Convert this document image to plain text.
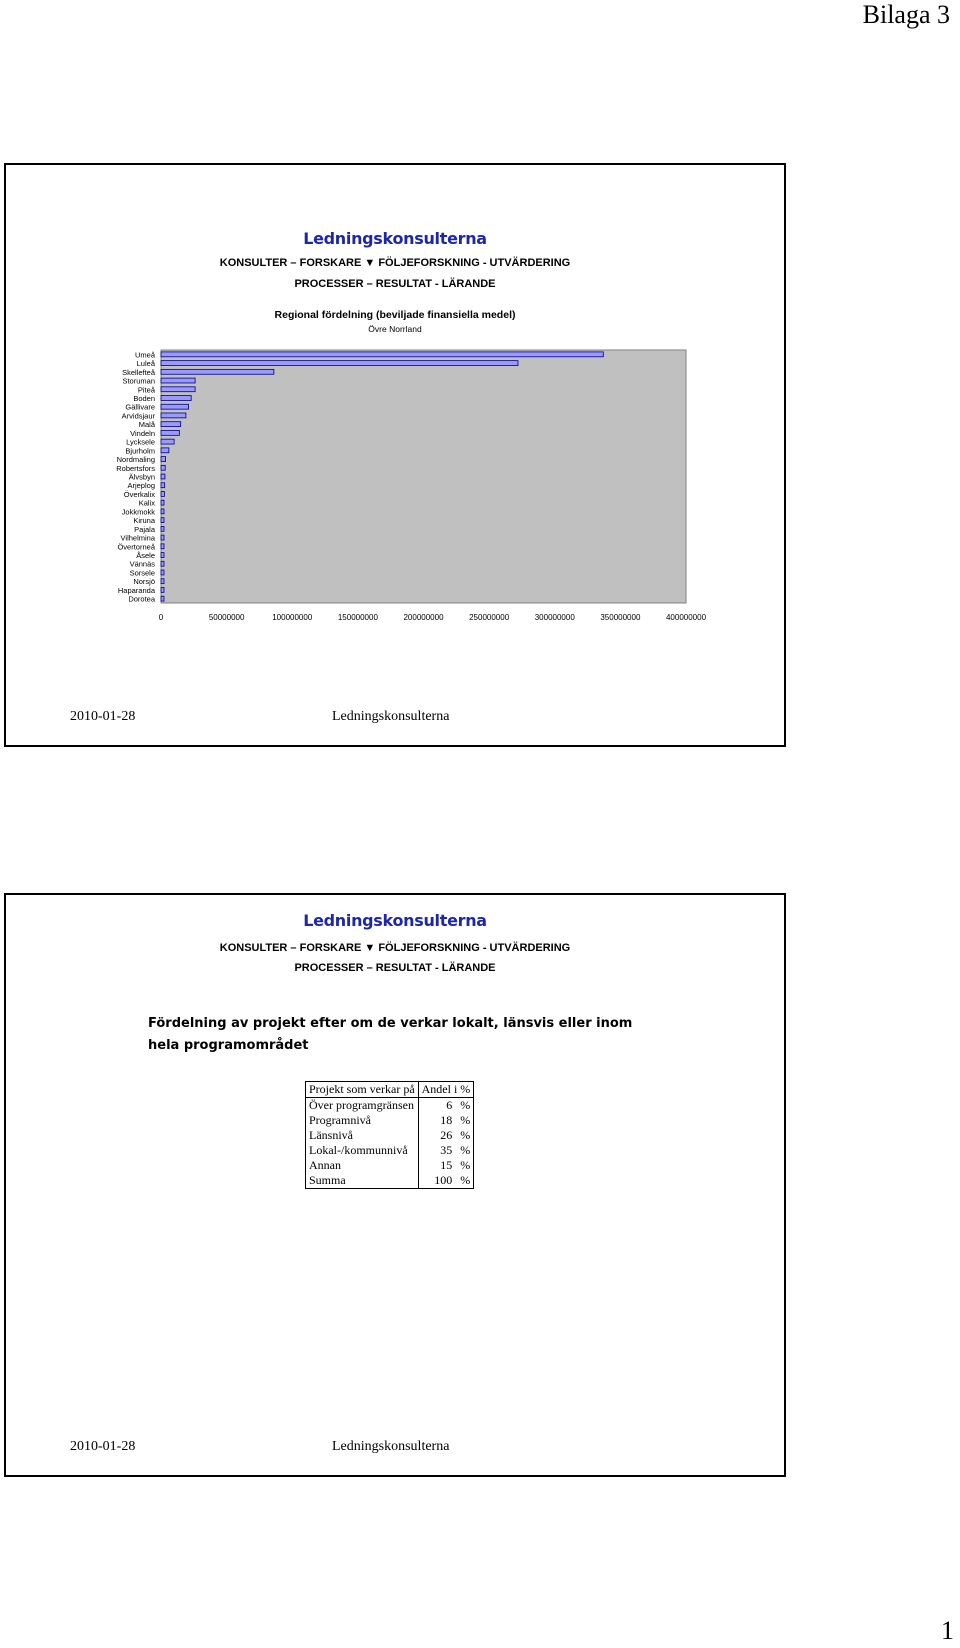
Bilaga 3
Ledningskonsulterna
KONSULTER – FORSKARE ▼ FÖLJEFORSKNING - UTVÄRDERING
PROCESSER – RESULTAT - LÄRANDE
Regional fördelning (beviljade finansiella medel)
Övre Norrland
Umeå
Luleå
Skellefteå
Storuman
Piteå
Boden
Gällivare
Arvidsjaur
Malå
Vindeln
Lycksele
Bjurholm
Nordmaling
Robertsfors
Älvsbyn
Arjeplog
Överkalix
Kalix
Jokkmokk
Kiruna
Pajala
Vilhelmina
Övertorneå
Åsele
Vännäs
Sorsele
Norsjö
Haparanda
Dorotea
0	50000000	100000000	150000000	200000000	250000000	300000000	350000000	400000000
2010-01-28	Ledningskonsulterna
Ledningskonsulterna
KONSULTER – FORSKARE ▼ FÖLJEFORSKNING - UTVÄRDERING
PROCESSER – RESULTAT - LÄRANDE
Fördelning av projekt efter om de verkar lokalt, länsvis eller inom
hela programområdet
Projekt som verkar på	Andel i %
Över programgränsen	6 %
Programnivå	18 %
Länsnivå	26 %
Lokal-/kommunnivå	35 %
Annan	15 %
Summa	100 %
2010-01-28	Ledningskonsulterna
1
